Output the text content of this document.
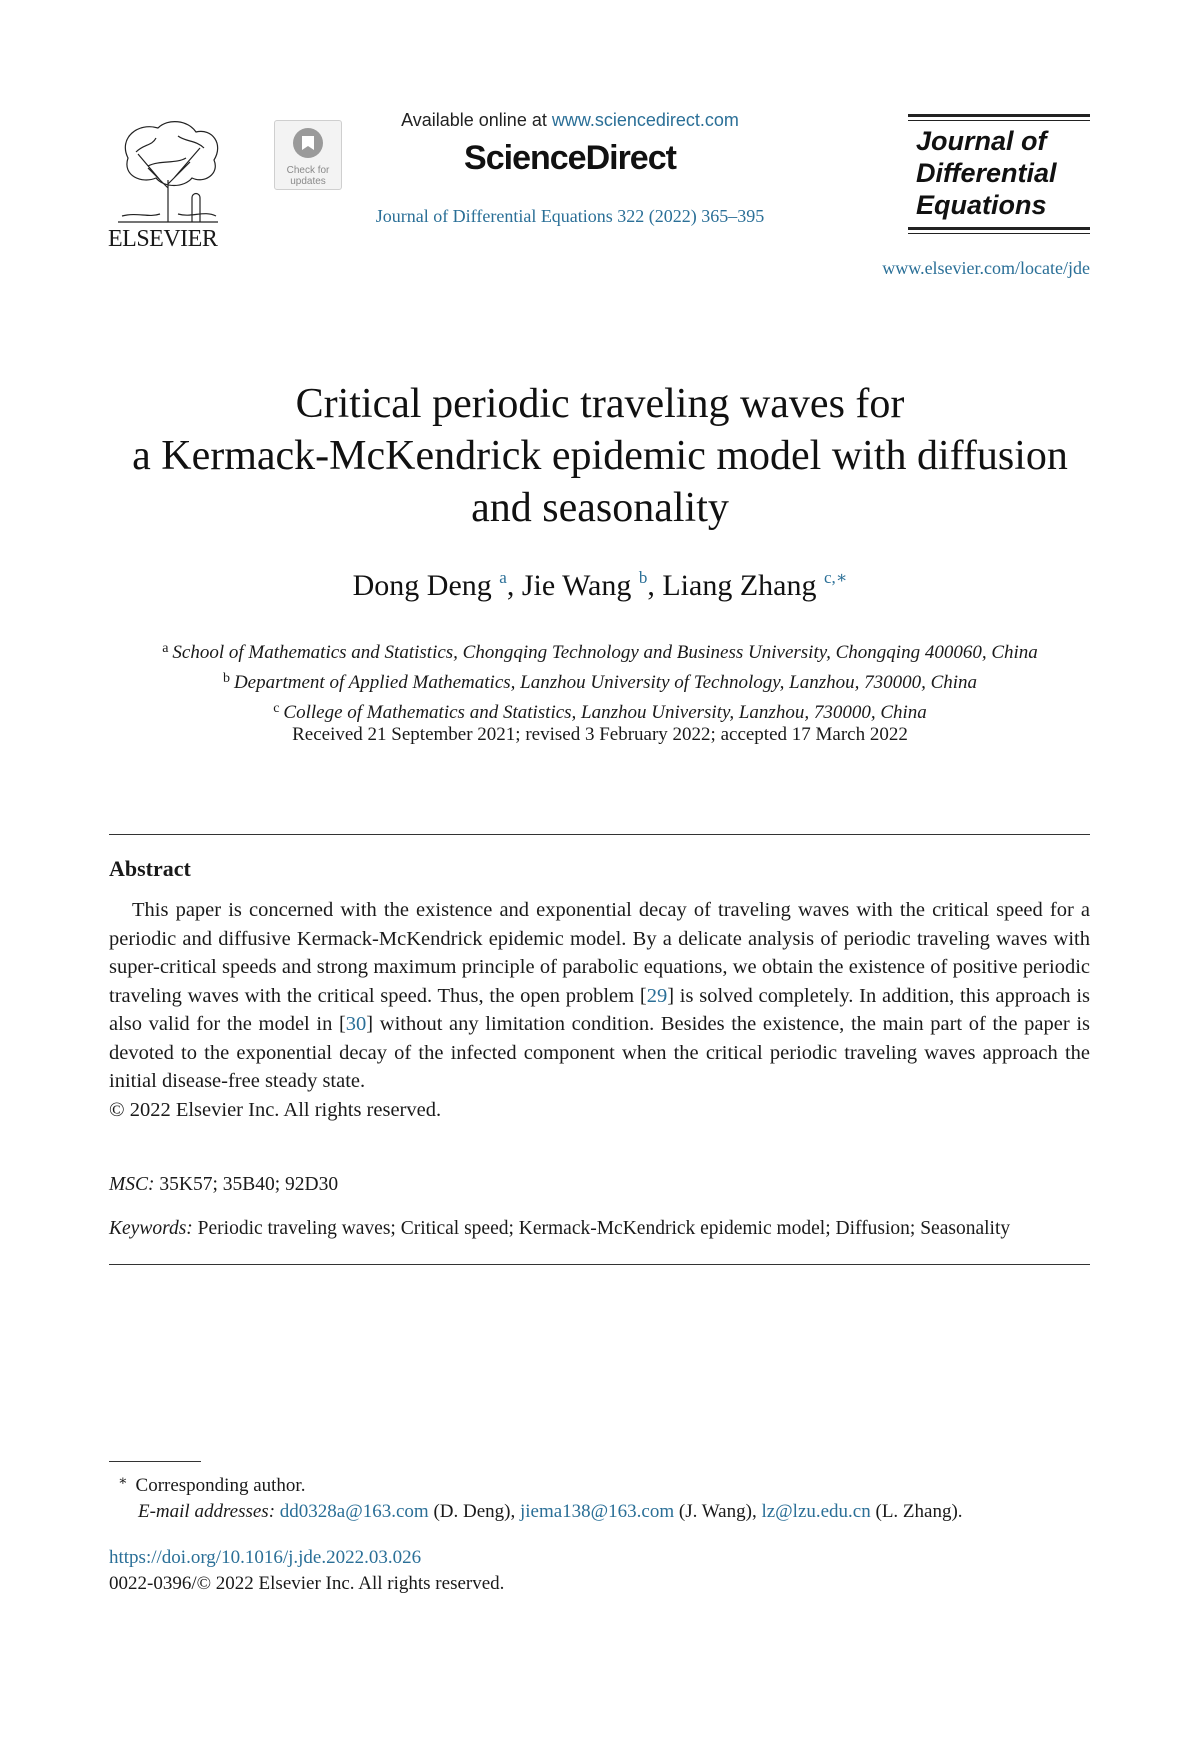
ELSEVIER
Check for updates
Available online at www.sciencedirect.com
ScienceDirect
Journal of Differential Equations 322 (2022) 365–395
Journal of
Differential
Equations
www.elsevier.com/locate/jde
Critical periodic traveling waves for
a Kermack-McKendrick epidemic model with diffusion
and seasonality
Dong Deng $^a$, Jie Wang $^b$, Liang Zhang $^{c,∗}$
$^a$ School of Mathematics and Statistics, Chongqing Technology and Business University, Chongqing 400060, China
$^b$ Department of Applied Mathematics, Lanzhou University of Technology, Lanzhou, 730000, China
$^c$ College of Mathematics and Statistics, Lanzhou University, Lanzhou, 730000, China
Received 21 September 2021; revised 3 February 2022; accepted 17 March 2022
Abstract

This paper is concerned with the existence and exponential decay of traveling waves with the critical speed for a periodic and diffusive Kermack-McKendrick epidemic model. By a delicate analysis of periodic traveling waves with super-critical speeds and strong maximum principle of parabolic equations, we obtain the existence of positive periodic traveling waves with the critical speed. Thus, the open problem [29] is solved completely. In addition, this approach is also valid for the model in [30] without any limitation condition. Besides the existence, the main part of the paper is devoted to the exponential decay of the infected component when the critical periodic traveling waves approach the initial disease-free steady state.
© 2022 Elsevier Inc. All rights reserved.

MSC: 35K57; 35B40; 92D30
Keywords: Periodic traveling waves; Critical speed; Kermack-McKendrick epidemic model; Diffusion; Seasonality
∗ Corresponding author.
E-mail addresses: dd0328a@163.com (D. Deng), jiema138@163.com (J. Wang), lz@lzu.edu.cn (L. Zhang).
https://doi.org/10.1016/j.jde.2022.03.026
0022-0396/© 2022 Elsevier Inc. All rights reserved.
